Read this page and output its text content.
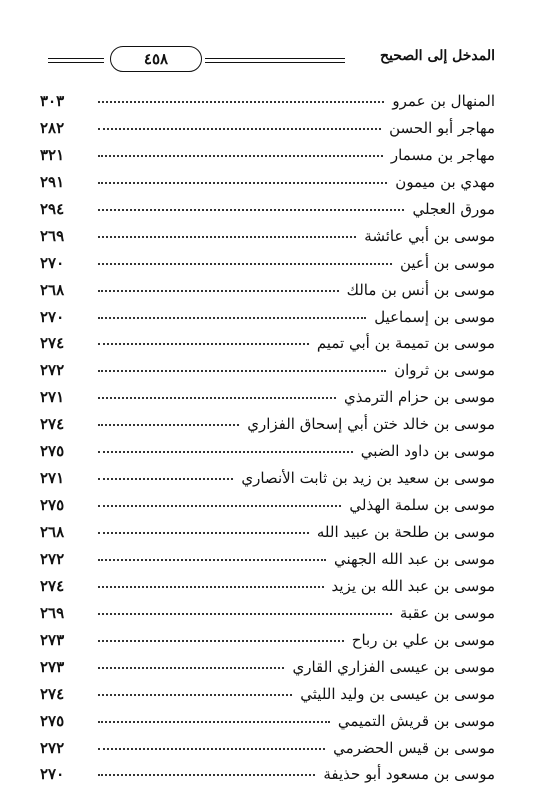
المدخل إلى الصحيح
٤٥٨
المنهال بن عمرو
٣٠٣
مهاجر أبو الحسن
٢٨٢
مهاجر بن مسمار
٣٢١
مهدي بن ميمون
٢٩١
مورق العجلي
٢٩٤
موسى بن أبي عائشة
٢٦٩
موسى بن أعين
٢٧٠
موسى بن أنس بن مالك
٢٦٨
موسى بن إسماعيل
٢٧٠
موسى بن تميمة بن أبي تميم
٢٧٤
موسى بن ثروان
٢٧٢
موسى بن حزام الترمذي
٢٧١
موسى بن خالد ختن أبي إسحاق الفزاري
٢٧٤
موسى بن داود الضبي
٢٧٥
موسى بن سعيد بن زيد بن ثابت الأنصاري
٢٧١
موسى بن سلمة الهذلي
٢٧٥
موسى بن طلحة بن عبيد الله
٢٦٨
موسى بن عبد الله الجهني
٢٧٢
موسى بن عبد الله بن يزيد
٢٧٤
موسى بن عقبة
٢٦٩
موسى بن علي بن رباح
٢٧٣
موسى بن عيسى الفزاري القاري
٢٧٣
موسى بن عيسى بن وليد الليثي
٢٧٤
موسى بن قريش التميمي
٢٧٥
موسى بن قيس الحضرمي
٢٧٢
موسى بن مسعود أبو حذيفة
٢٧٠
